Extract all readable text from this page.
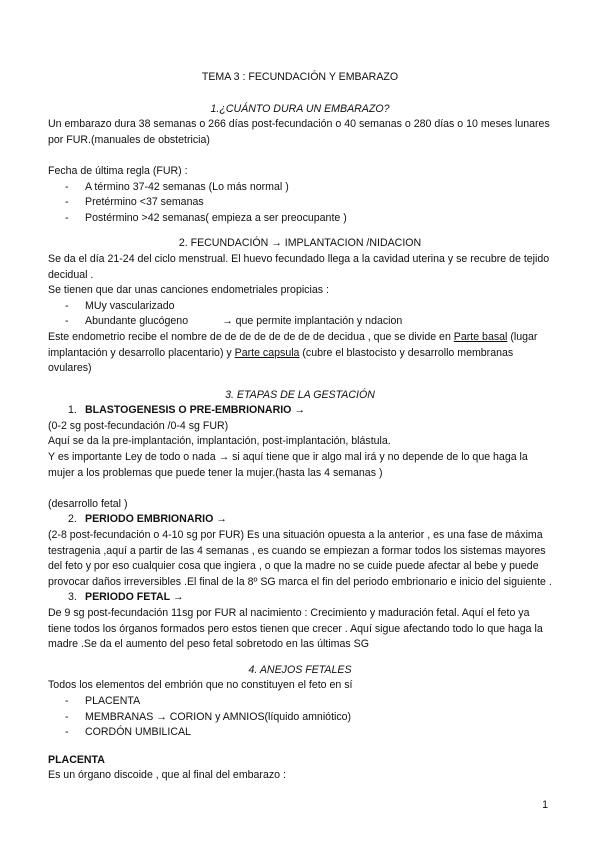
TEMA 3 : FECUNDACIÓN Y EMBARAZO

1.¿CUÁNTO DURA UN EMBARAZO?

Un embarazo dura 38 semanas o 266 días post-fecundación o 40 semanas o 280 días o 10 meses lunares por FUR.(manuales de obstetricia)

Fecha de última regla (FUR) :

- A término 37-42 semanas (Lo más normal )
- Pretérmino <37 semanas
- Postérmino >42 semanas( empieza a ser preocupante )

2. FECUNDACIÓN → IMPLANTACION /NIDACION

Se da el día 21-24 del ciclo menstrual. El huevo fecundado llega a la cavidad uterina y se recubre de tejido decidual .

Se tienen que dar unas canciones endometriales propicias :

- MUy vascularizado
- Abundante glucógeno	→ que permite implantación y ndacion

Este endometrio recibe el nombre de de de de de de de de decidua , que se divide en Parte basal (lugar implantación y desarrollo placentario) y Parte capsula (cubre el blastocisto y desarrollo membranas ovulares)

3. ETAPAS DE LA GESTACIÓN

1. BLASTOGENESIS O PRE-EMBRIONARIO →

(0-2 sg post-fecundación /0-4 sg FUR)

Aquí se da la pre-implantación, implantación, post-implantación, blástula.

Y es importante Ley de todo o nada → si aquí tiene que ir algo mal irá y no depende de lo que haga la mujer a los problemas que puede tener la mujer.(hasta las 4 semanas )

(desarrollo fetal )

2. PERIODO EMBRIONARIO →

(2-8 post-fecundación o 4-10 sg por FUR) Es una situación opuesta a la anterior , es una fase de máxima testragenia ,aquí a partir de las 4 semanas , es cuando se empiezan a formar todos los sistemas mayores del feto y por eso cualquier cosa que ingiera , o que la madre no se cuide puede afectar al bebe y puede provocar daños irreversibles .El final de la 8º SG marca el fin del periodo embrionario e inicio del siguiente .

3. PERIODO FETAL →

De 9 sg post-fecundación 11sg por FUR al nacimiento : Crecimiento y maduración fetal. Aquí el feto ya tiene todos los órganos formados pero estos tienen que crecer . Aquí sigue afectando todo lo que haga la madre .Se da el aumento del peso fetal sobretodo en las últimas SG

4. ANEJOS FETALES

Todos los elementos del embrión que no constituyen el feto en sí

- PLACENTA
- MEMBRANAS → CORION y AMNIOS(líquido amniótico)
- CORDÓN UMBILICAL

PLACENTA

Es un órgano discoide , que al final del embarazo :

1
